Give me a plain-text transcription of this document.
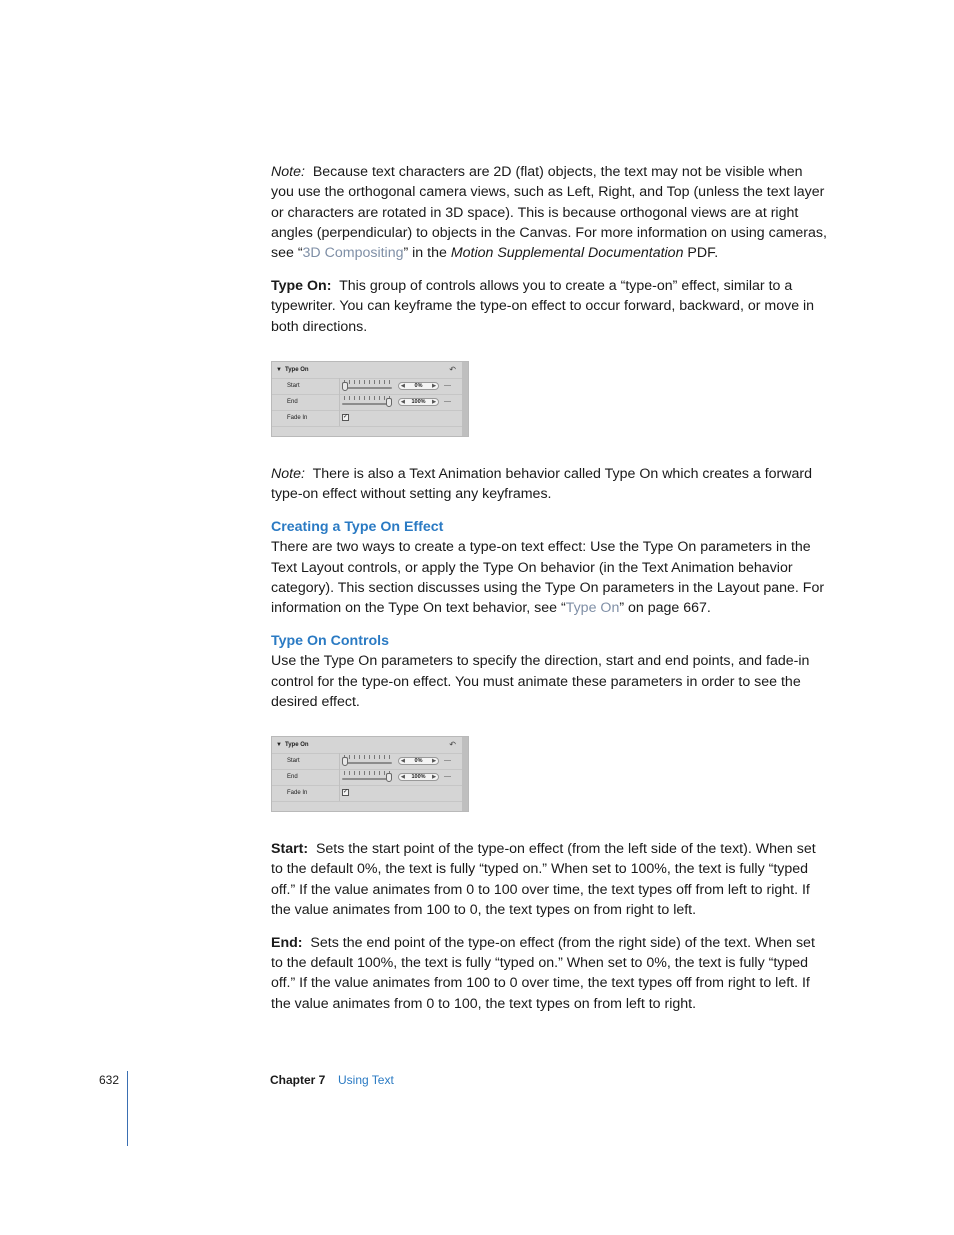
Note: Because text characters are 2D (flat) objects, the text may not be visible when you use the orthogonal camera views, such as Left, Right, and Top (unless the text layer or characters are rotated in 3D space). This is because orthogonal views are at right angles (perpendicular) to objects in the Canvas. For more information on using cameras, see “3D Compositing” in the Motion Supplemental Documentation PDF.

Type On: This group of controls allows you to create a “type-on” effect, similar to a typewriter. You can keyframe the type-on effect to occur forward, backward, or move in both directions.

▼ Type On	↶
Start	◀ 0% ▶ —
End	◀ 100% ▶ —
Fade In	✓

Note: There is also a Text Animation behavior called Type On which creates a forward type-on effect without setting any keyframes.

Creating a Type On Effect

There are two ways to create a type-on text effect: Use the Type On parameters in the Text Layout controls, or apply the Type On behavior (in the Text Animation behavior category). This section discusses using the Type On parameters in the Layout pane. For information on the Type On text behavior, see “Type On” on page 667.

Type On Controls

Use the Type On parameters to specify the direction, start and end points, and fade-in control for the type-on effect. You must animate these parameters in order to see the desired effect.

▼ Type On	↶
Start	◀ 0% ▶ —
End	◀ 100% ▶ —
Fade In	✓

Start: Sets the start point of the type-on effect (from the left side of the text). When set to the default 0%, the text is fully “typed on.” When set to 100%, the text is fully “typed off.” If the value animates from 0 to 100 over time, the text types off from left to right. If the value animates from 100 to 0, the text types on from right to left.

End: Sets the end point of the type-on effect (from the right side) of the text. When set to the default 100%, the text is fully “typed on.” When set to 0%, the text is fully “typed off.” If the value animates from 100 to 0 over time, the text types off from right to left. If the value animates from 0 to 100, the text types on from left to right.

632	Chapter 7 Using Text
